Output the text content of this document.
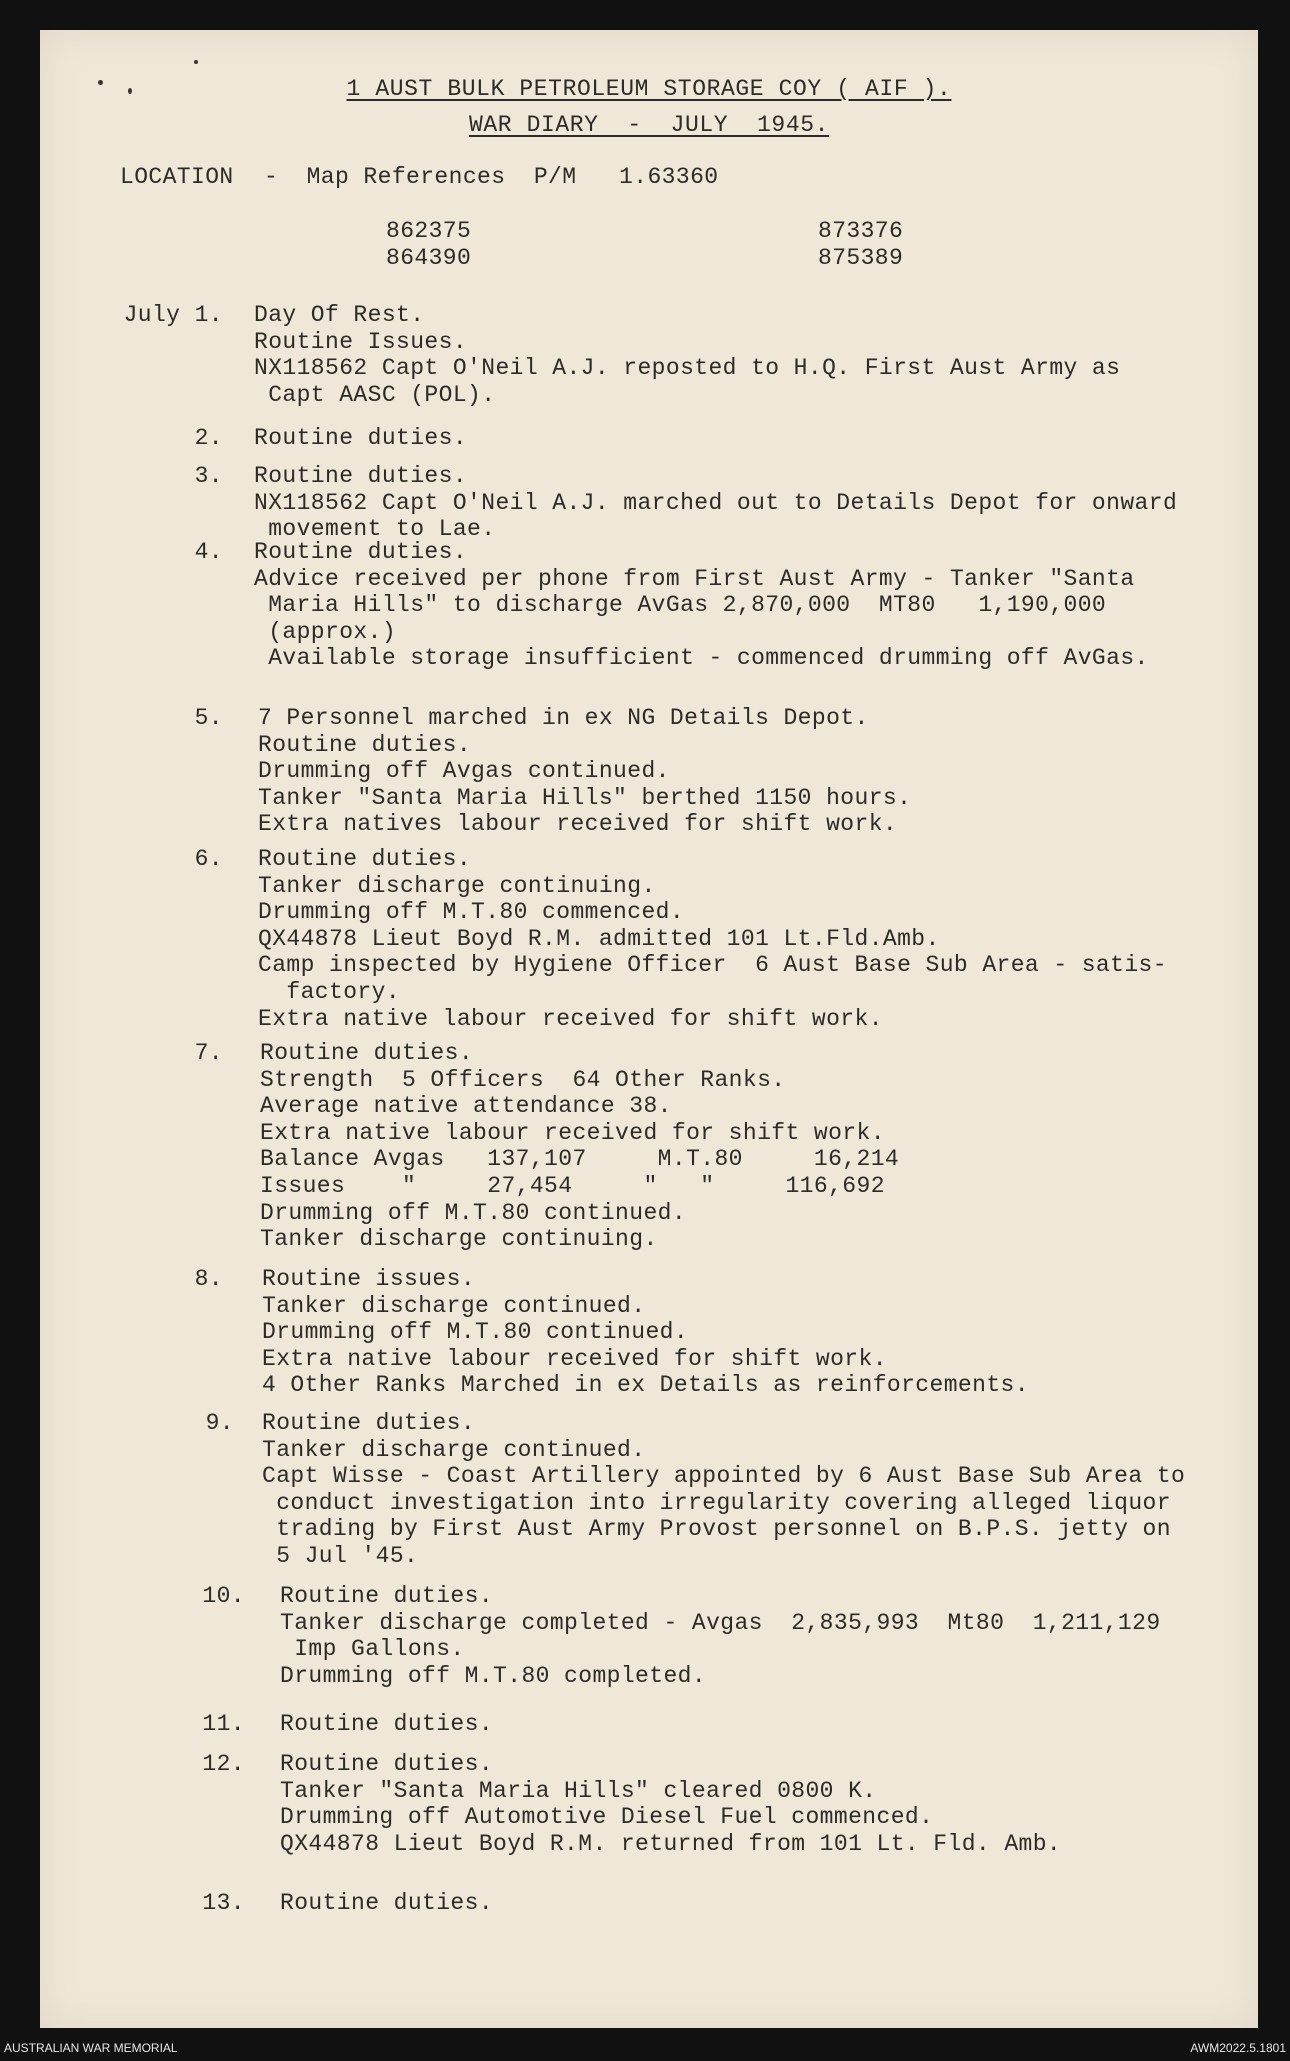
1 AUST BULK PETROLEUM STORAGE COY ( AIF ).
WAR DIARY  -  JULY  1945.
LOCATION -  Map References  P/M   1.63360
862375	873376
864390	875389
July 1. Day Of Rest.
Routine Issues.
NX118562 Capt O'Neil A.J. reposted to H.Q. First Aust Army as
Capt AASC (POL).
2. Routine duties.
3. Routine duties.
NX118562 Capt O'Neil A.J. marched out to Details Depot for onward
movement to Lae.
4. Routine duties.
Advice received per phone from First Aust Army - Tanker "Santa
Maria Hills" to discharge AvGas 2,870,000  MT80   1,190,000
(approx.)
Available storage insufficient - commenced drumming off AvGas.
5. 7 Personnel marched in ex NG Details Depot.
Routine duties.
Drumming off Avgas continued.
Tanker "Santa Maria Hills" berthed 1150 hours.
Extra natives labour received for shift work.
6. Routine duties.
Tanker discharge continuing.
Drumming off M.T.80 commenced.
QX44878 Lieut Boyd R.M. admitted 101 Lt.Fld.Amb.
Camp inspected by Hygiene Officer  6 Aust Base Sub Area - satis-
factory.
Extra native labour received for shift work.
7. Routine duties.
Strength  5 Officers  64 Other Ranks.
Average native attendance 38.
Extra native labour received for shift work.
Balance Avgas   137,107     M.T.80     16,214
Issues    "     27,454     "   "     116,692
Drumming off M.T.80 continued.
Tanker discharge continuing.
8. Routine issues.
Tanker discharge continued.
Drumming off M.T.80 continued.
Extra native labour received for shift work.
4 Other Ranks Marched in ex Details as reinforcements.
9. Routine duties.
Tanker discharge continued.
Capt Wisse - Coast Artillery appointed by 6 Aust Base Sub Area to
conduct investigation into irregularity covering alleged liquor
trading by First Aust Army Provost personnel on B.P.S. jetty on
5 Jul '45.
10. Routine duties.
Tanker discharge completed - Avgas  2,835,993  Mt80  1,211,129
Imp Gallons.
Drumming off M.T.80 completed.
11. Routine duties.
12. Routine duties.
Tanker "Santa Maria Hills" cleared 0800 K.
Drumming off Automotive Diesel Fuel commenced.
QX44878 Lieut Boyd R.M. returned from 101 Lt. Fld. Amb.
13. Routine duties.
AUSTRALIAN WAR MEMORIAL	AWM2022.5.1801
